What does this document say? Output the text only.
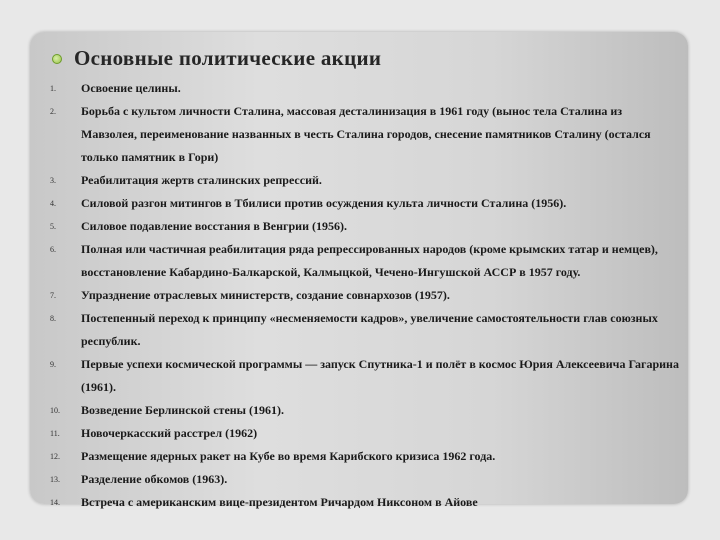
Основные политические акции
1.	Освоение целины.
2.	Борьба с культом личности Сталина, массовая десталинизация в 1961 году (вынос тела Сталина из Мавзолея, переименование названных в честь Сталина городов, снесение памятников Сталину (остался только памятник в Гори)
3.	Реабилитация жертв сталинских репрессий.
4.	Силовой разгон митингов в Тбилиси против осуждения культа личности Сталина (1956).
5.	Силовое подавление восстания в Венгрии (1956).
6.	Полная или частичная реабилитация ряда репрессированных народов (кроме крымских татар и немцев), восстановление Кабардино-Балкарской, Калмыцкой, Чечено-Ингушской АССР в 1957 году.
7.	Упразднение отраслевых министерств, создание совнархозов (1957).
8.	Постепенный переход к принципу «несменяемости кадров», увеличение самостоятельности глав союзных республик.
9.	Первые успехи космической программы — запуск Спутника-1 и полёт в космос Юрия Алексеевича Гагарина (1961).
10.	Возведение Берлинской стены (1961).
11.	Новочеркасский расстрел (1962)
12.	Размещение ядерных ракет на Кубе во время Карибского кризиса 1962 года.
13.	Разделение обкомов (1963).
14.	Встреча с американским вице-президентом Ричардом Никсоном в Айове
